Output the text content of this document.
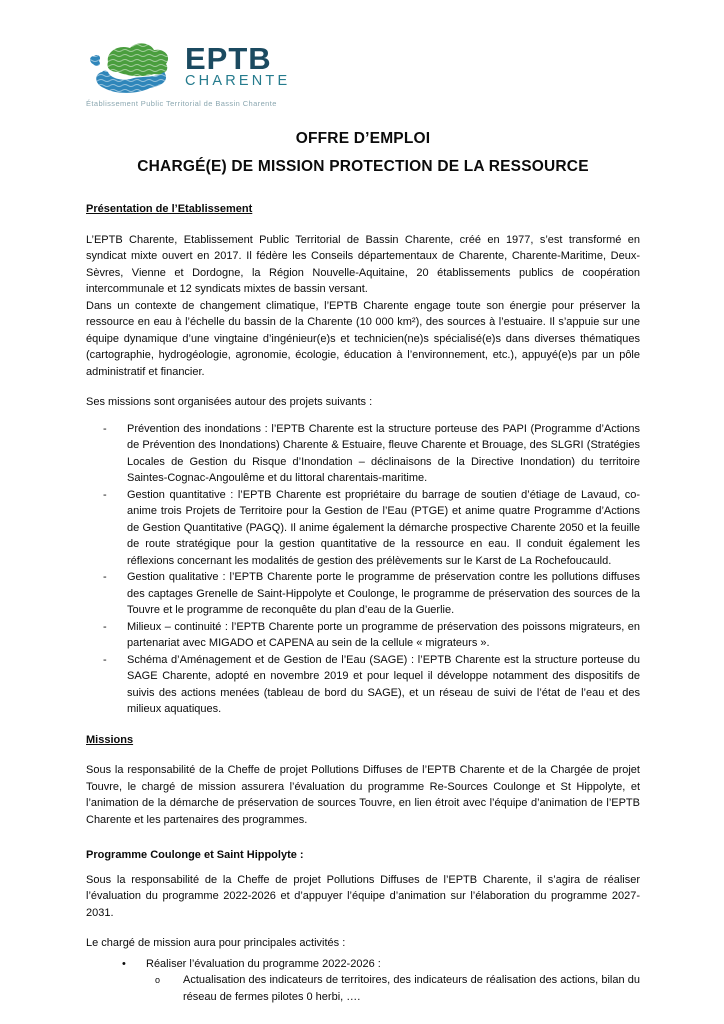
EPTB
CHARENTE
Établissement Public Territorial de Bassin Charente
OFFRE D’EMPLOI
CHARGÉ(E) DE MISSION PROTECTION DE LA RESSOURCE
Présentation de l’Etablissement

L’EPTB Charente, Etablissement Public Territorial de Bassin Charente, créé en 1977, s’est transformé en syndicat mixte ouvert en 2017. Il fédère les Conseils départementaux de Charente, Charente-Maritime, Deux-Sèvres, Vienne et Dordogne, la Région Nouvelle-Aquitaine, 20 établissements publics de coopération intercommunale et 12 syndicats mixtes de bassin versant.

Dans un contexte de changement climatique, l’EPTB Charente engage toute son énergie pour préserver la ressource en eau à l’échelle du bassin de la Charente (10 000 km²), des sources à l’estuaire. Il s’appuie sur une équipe dynamique d’une vingtaine d’ingénieur(e)s et technicien(ne)s spécialisé(e)s dans diverses thématiques (cartographie, hydrogéologie, agronomie, écologie, éducation à l’environnement, etc.), appuyé(e)s par un pôle administratif et financier.

Ses missions sont organisées autour des projets suivants :

- Prévention des inondations : l’EPTB Charente est la structure porteuse des PAPI (Programme d’Actions de Prévention des Inondations) Charente & Estuaire, fleuve Charente et Brouage, des SLGRI (Stratégies Locales de Gestion du Risque d’Inondation – déclinaisons de la Directive Inondation) du territoire Saintes-Cognac-Angoulême et du littoral charentais-maritime.
- Gestion quantitative : l’EPTB Charente est propriétaire du barrage de soutien d’étiage de Lavaud, co-anime trois Projets de Territoire pour la Gestion de l’Eau (PTGE) et anime quatre Programme d’Actions de Gestion Quantitative (PAGQ). Il anime également la démarche prospective Charente 2050 et la feuille de route stratégique pour la gestion quantitative de la ressource en eau. Il conduit également les réflexions concernant les modalités de gestion des prélèvements sur le Karst de La Rochefoucauld.
- Gestion qualitative : l’EPTB Charente porte le programme de préservation contre les pollutions diffuses des captages Grenelle de Saint-Hippolyte et Coulonge, le programme de préservation des sources de la Touvre et le programme de reconquête du plan d’eau de la Guerlie.
- Milieux – continuité : l’EPTB Charente porte un programme de préservation des poissons migrateurs, en partenariat avec MIGADO et CAPENA au sein de la cellule « migrateurs ».
- Schéma d’Aménagement et de Gestion de l’Eau (SAGE) : l’EPTB Charente est la structure porteuse du SAGE Charente, adopté en novembre 2019 et pour lequel il développe notamment des dispositifs de suivis des actions menées (tableau de bord du SAGE), et un réseau de suivi de l’état de l’eau et des milieux aquatiques.
Missions

Sous la responsabilité de la Cheffe de projet Pollutions Diffuses de l’EPTB Charente et de la Chargée de projet Touvre, le chargé de mission assurera l’évaluation du programme Re-Sources Coulonge et St Hippolyte, et l’animation de la démarche de préservation de sources Touvre, en lien étroit avec l’équipe d’animation de l’EPTB Charente et les partenaires des programmes.

Programme Coulonge et Saint Hippolyte :

Sous la responsabilité de la Cheffe de projet Pollutions Diffuses de l’EPTB Charente, il s’agira de réaliser l’évaluation du programme 2022-2026 et d’appuyer l’équipe d’animation sur l’élaboration du programme 2027-2031.

Le chargé de mission aura pour principales activités :

• Réaliser l’évaluation du programme 2022-2026 :
o Actualisation des indicateurs de territoires, des indicateurs de réalisation des actions, bilan du réseau de fermes pilotes 0 herbi, ….
